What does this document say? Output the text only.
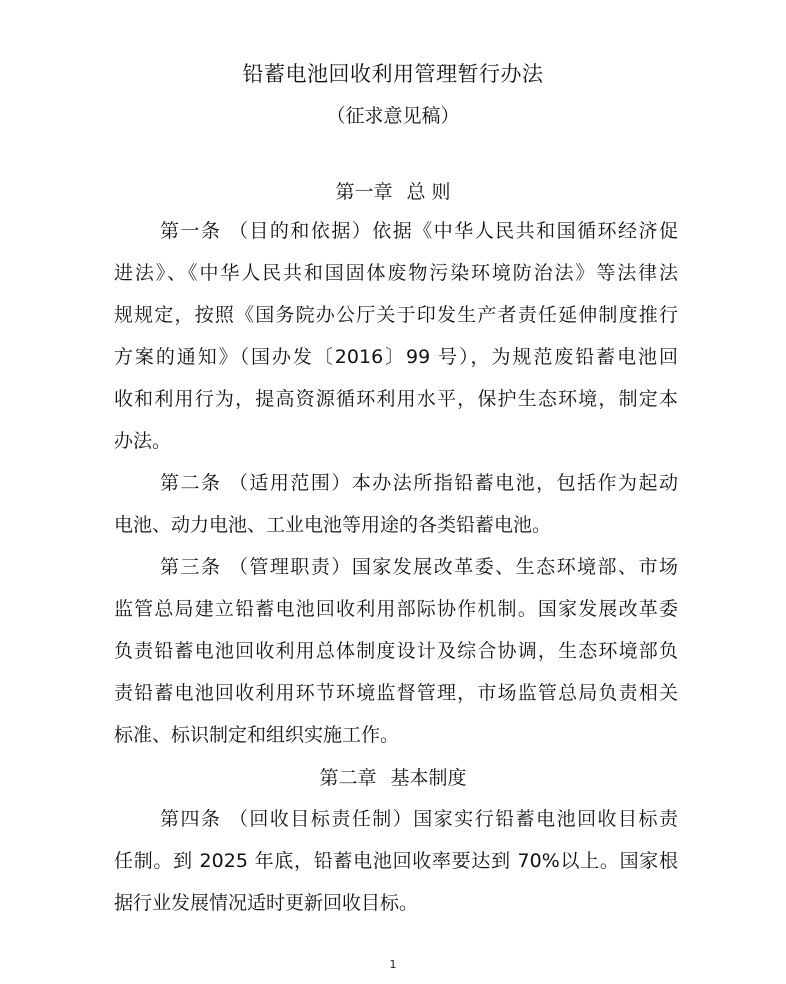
铅蓄电池回收利用管理暂行办法
（征求意见稿）
第一章 总 则
第一条 （目的和依据）依据《中华人民共和国循环经济促
进法》、《中华人民共和国固体废物污染环境防治法》等法律法
规规定，按照《国务院办公厅关于印发生产者责任延伸制度推行
方案的通知》（国办发〔2016〕99 号），为规范废铅蓄电池回
收和利用行为，提高资源循环利用水平，保护生态环境，制定本
办法。
第二条 （适用范围）本办法所指铅蓄电池，包括作为起动
电池、动力电池、工业电池等用途的各类铅蓄电池。
第三条 （管理职责）国家发展改革委、生态环境部、市场
监管总局建立铅蓄电池回收利用部际协作机制。国家发展改革委
负责铅蓄电池回收利用总体制度设计及综合协调，生态环境部负
责铅蓄电池回收利用环节环境监督管理，市场监管总局负责相关
标准、标识制定和组织实施工作。
第二章 基本制度
第四条 （回收目标责任制）国家实行铅蓄电池回收目标责
任制。到 2025 年底，铅蓄电池回收率要达到 70%以上。国家根
据行业发展情况适时更新回收目标。
1
